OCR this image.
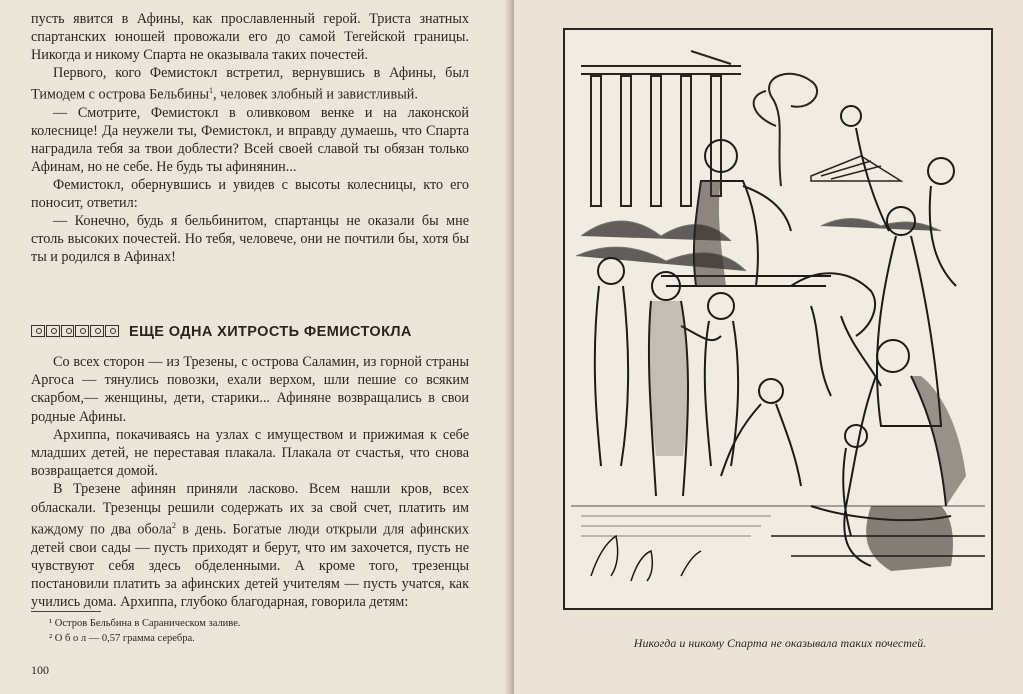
пусть явится в Афины, как прославленный герой. Триста знатных спартанских юношей провожали его до самой Тегейской границы. Никогда и никому Спарта не оказывала таких почестей.

Первого, кого Фемистокл встретил, вернувшись в Афины, был Тимодем с острова Бельбины$^1$, человек злобный и завистливый.

— Смотрите, Фемистокл в оливковом венке и на лаконской колеснице! Да неужели ты, Фемистокл, и вправду думаешь, что Спарта наградила тебя за твои доблести? Всей своей славой ты обязан только Афинам, но не себе. Не будь ты афинянин...

Фемистокл, обернувшись и увидев с высоты колесницы, кто его поносит, ответил:

— Конечно, будь я бельбинитом, спартанцы не оказали бы мне столь высоких почестей. Но тебя, человече, они не почтили бы, хотя бы ты и родился в Афинах!

ЕЩЕ ОДНА ХИТРОСТЬ ФЕМИСТОКЛА

Со всех сторон — из Трезены, с острова Саламин, из горной страны Аргоса — тянулись повозки, ехали верхом, шли пешие со всяким скарбом,— женщины, дети, старики... Афиняне возвращались в свои родные Афины.

Архиппа, покачиваясь на узлах с имуществом и прижимая к себе младших детей, не переставая плакала. Плакала от счастья, что снова возвращается домой.

В Трезене афинян приняли ласково. Всем нашли кров, всех обласкали. Трезенцы решили содержать их за свой счет, платить им каждому по два обола$^2$ в день. Богатые люди открыли для афинских детей свои сады — пусть приходят и берут, что им захочется, пусть не чувствуют себя здесь обделенными. А кроме того, трезенцы постановили платить за афинских детей учителям — пусть учатся, как учились дома. Архиппа, глубоко благодарная, говорила детям:

¹ Остров Бельбина в Сараническом заливе.
² О б о л — 0,57 грамма серебра.
100
Никогда и никому Спарта не оказывала таких почестей.
